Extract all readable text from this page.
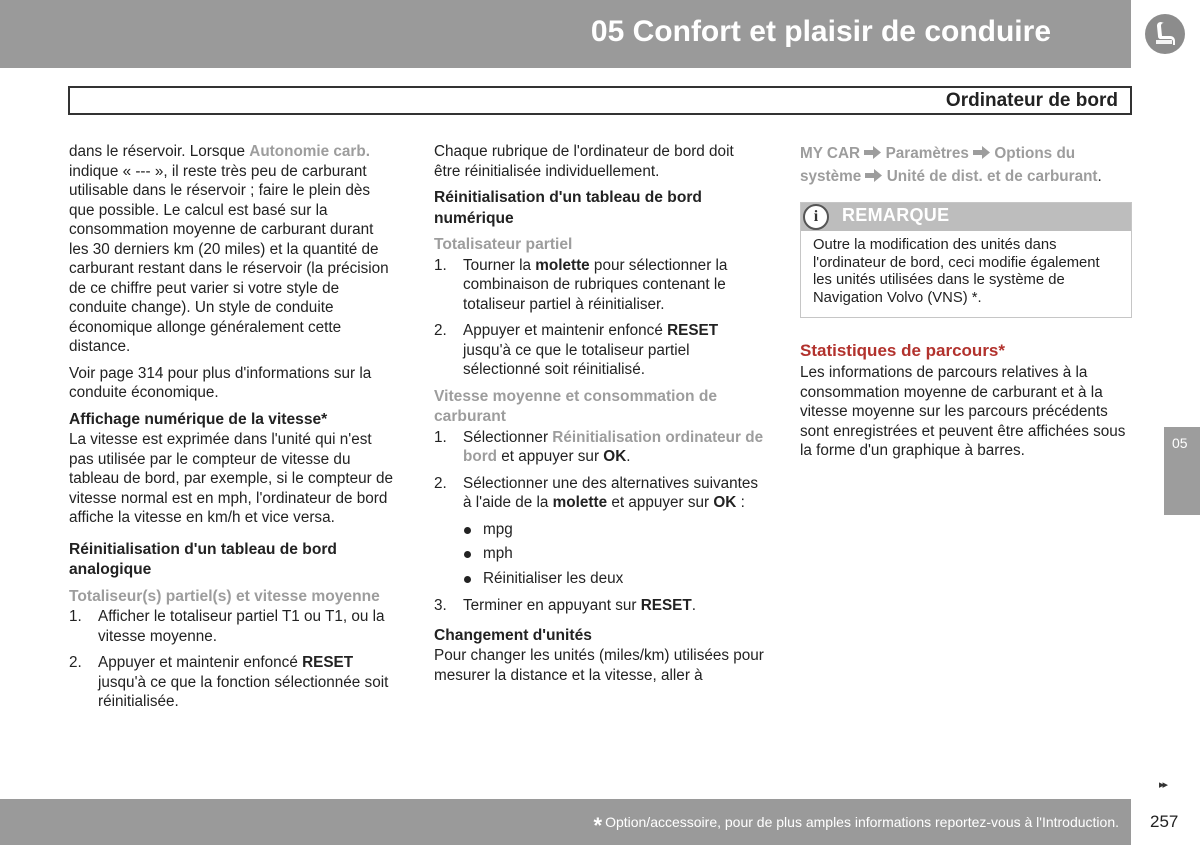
05 Confort et plaisir de conduire
Ordinateur de bord

dans le réservoir. Lorsque Autonomie carb. indique « --- », il reste très peu de carburant utilisable dans le réservoir ; faire le plein dès que possible. Le calcul est basé sur la consommation moyenne de carburant durant les 30 derniers km (20 miles) et la quantité de carburant restant dans le réservoir (la précision de ce chiffre peut varier si votre style de conduite change). Un style de conduite économique allonge généralement cette distance.

Voir page 314 pour plus d'informations sur la conduite économique.

Affichage numérique de la vitesse*

La vitesse est exprimée dans l'unité qui n'est pas utilisée par le compteur de vitesse du tableau de bord, par exemple, si le compteur de vitesse normal est en mph, l'ordinateur de bord affiche la vitesse en km/h et vice versa.

Réinitialisation d'un tableau de bord analogique
Totaliseur(s) partiel(s) et vitesse moyenne
1. Afficher le totaliseur partiel T1 ou T1, ou la vitesse moyenne.
2. Appuyer et maintenir enfoncé RESET jusqu'à ce que la fonction sélectionnée soit réinitialisée.

Chaque rubrique de l'ordinateur de bord doit être réinitialisée individuellement.

Réinitialisation d'un tableau de bord numérique
Totalisateur partiel
1. Tourner la molette pour sélectionner la combinaison de rubriques contenant le totaliseur partiel à réinitialiser.
2. Appuyer et maintenir enfoncé RESET jusqu'à ce que le totaliseur partiel sélectionné soit réinitialisé.
Vitesse moyenne et consommation de carburant
1. Sélectionner Réinitialisation ordinateur de bord et appuyer sur OK.
2. Sélectionner une des alternatives suivantes à l'aide de la molette et appuyer sur OK :
mpg
mph
Réinitialiser les deux
3. Terminer en appuyant sur RESET.
Changement d'unités

Pour changer les unités (miles/km) utilisées pour mesurer la distance et la vitesse, aller à

MY CAR Paramètres Options du système Unité de dist. et de carburant.
i	REMARQUE
Outre la modification des unités dans l'ordinateur de bord, ceci modifie également les unités utilisées dans le système de Navigation Volvo (VNS) *.
Statistiques de parcours*

Les informations de parcours relatives à la consommation moyenne de carburant et à la vitesse moyenne sur les parcours précédents sont enregistrées et peuvent être affichées sous la forme d'un graphique à barres.	05
▸▸
* Option/accessoire, pour de plus amples informations reportez-vous à l'Introduction. 257
